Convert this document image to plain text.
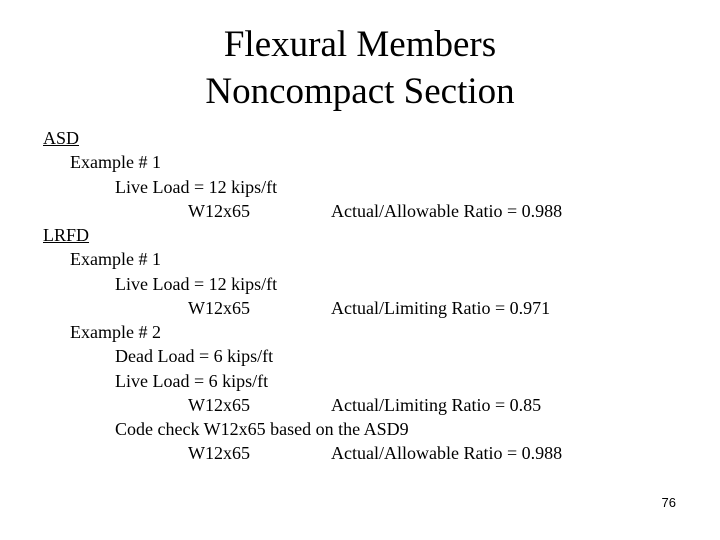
Flexural Members
Noncompact Section
ASD
Example # 1
Live Load = 12 kips/ft
W12x65	Actual/Allowable Ratio = 0.988
LRFD
Example # 1
Live Load = 12 kips/ft
W12x65	Actual/Limiting Ratio = 0.971
Example # 2
Dead Load = 6 kips/ft
Live Load = 6 kips/ft
W12x65	Actual/Limiting Ratio = 0.85
Code check W12x65 based on the ASD9
W12x65	Actual/Allowable Ratio = 0.988
76
